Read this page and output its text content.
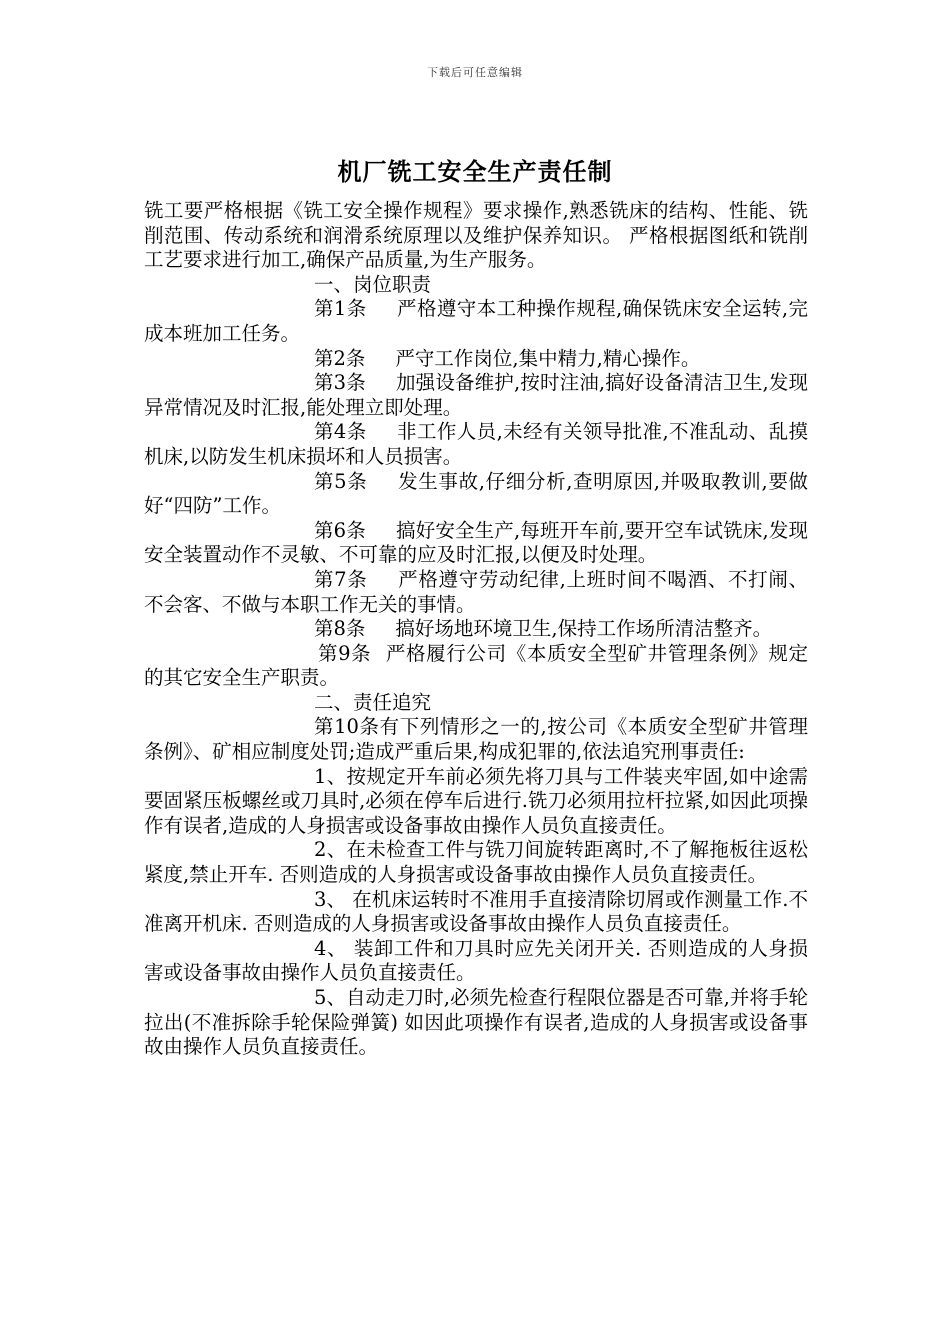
下载后可任意编辑
机厂铣工安全生产责任制

铣工要严格根据《铣工安全操作规程》要求操作,熟悉铣床的结构、性能、铣削范围、传动系统和润滑系统原理以及维护保养知识。 严格根据图纸和铣削工艺要求进行加工,确保产品质量,为生产服务。

一、岗位职责

第1条 严格遵守本工种操作规程,确保铣床安全运转,完成本班加工任务。

第2条 严守工作岗位,集中精力,精心操作。

第3条 加强设备维护,按时注油,搞好设备清洁卫生,发现异常情况及时汇报,能处理立即处理。

第4条 非工作人员,未经有关领导批准,不准乱动、乱摸机床,以防发生机床损坏和人员损害。

第5条 发生事故,仔细分析,查明原因,并吸取教训,要做好“四防”工作。

第6条 搞好安全生产,每班开车前,要开空车试铣床,发现安全装置动作不灵敏、不可靠的应及时汇报,以便及时处理。

第7条 严格遵守劳动纪律,上班时间不喝酒、不打闹、不会客、不做与本职工作无关的事情。

第8条 搞好场地环境卫生,保持工作场所清洁整齐。

第9条 严格履行公司《本质安全型矿井管理条例》规定的其它安全生产职责。

二、责任追究

第10条有下列情形之一的,按公司《本质安全型矿井管理条例》、矿相应制度处罚;造成严重后果,构成犯罪的,依法追究刑事责任:

1、按规定开车前必须先将刀具与工件装夹牢固,如中途需要固紧压板螺丝或刀具时,必须在停车后进行.铣刀必须用拉杆拉紧,如因此项操作有误者,造成的人身损害或设备事故由操作人员负直接责任。

2、在未检查工件与铣刀间旋转距离时,不了解拖板往返松紧度,禁止开车. 否则造成的人身损害或设备事故由操作人员负直接责任。

3、 在机床运转时不准用手直接清除切屑或作测量工作.不准离开机床. 否则造成的人身损害或设备事故由操作人员负直接责任。

4、 装卸工件和刀具时应先关闭开关. 否则造成的人身损害或设备事故由操作人员负直接责任。

5、自动走刀时,必须先检查行程限位器是否可靠,并将手轮拉出(不准拆除手轮保险弹簧) 如因此项操作有误者,造成的人身损害或设备事故由操作人员负直接责任。
